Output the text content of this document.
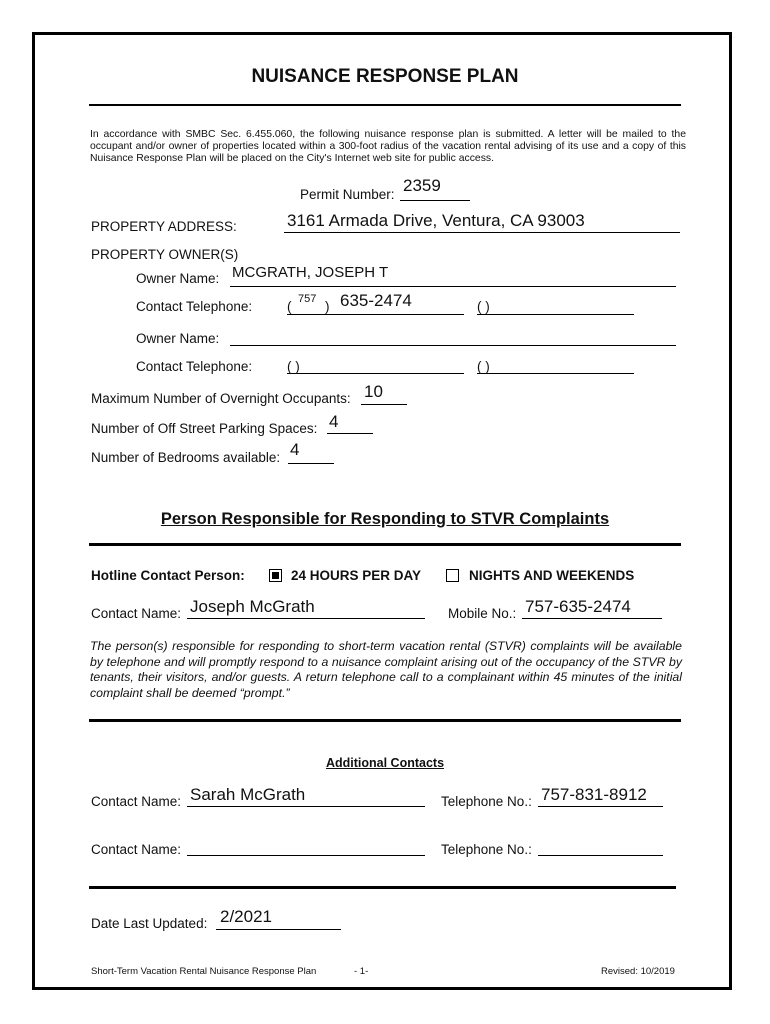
NUISANCE RESPONSE PLAN
In accordance with SMBC Sec. 6.455.060, the following nuisance response plan is submitted. A letter will be mailed to the occupant and/or owner of properties located within a 300-foot radius of the vacation rental advising of its use and a copy of this Nuisance Response Plan will be placed on the City's Internet web site for public access.
Permit Number: 2359
PROPERTY ADDRESS:	3161 Armada Drive, Ventura, CA 93003
PROPERTY OWNER(S)
Owner Name: MCGRATH, JOSEPH T
Contact Telephone:	( 757 ) 635-2474	( )
Owner Name:
Contact Telephone:	( )	( )
Maximum Number of Overnight Occupants: 10
Number of Off Street Parking Spaces: 4
Number of Bedrooms available: 4
Person Responsible for Responding to STVR Complaints
Hotline Contact Person:	24 HOURS PER DAY	NIGHTS AND WEEKENDS
Contact Name: Joseph McGrath	Mobile No.: 757-635-2474
The person(s) responsible for responding to short-term vacation rental (STVR) complaints will be available by telephone and will promptly respond to a nuisance complaint arising out of the occupancy of the STVR by tenants, their visitors, and/or guests. A return telephone call to a complainant within 45 minutes of the initial complaint shall be deemed “prompt.”
Additional Contacts
Contact Name: Sarah McGrath	Telephone No.: 757-831-8912
Contact Name:	Telephone No.:
Date Last Updated: 2/2021
Short-Term Vacation Rental Nuisance Response Plan	- 1-	Revised: 10/2019
